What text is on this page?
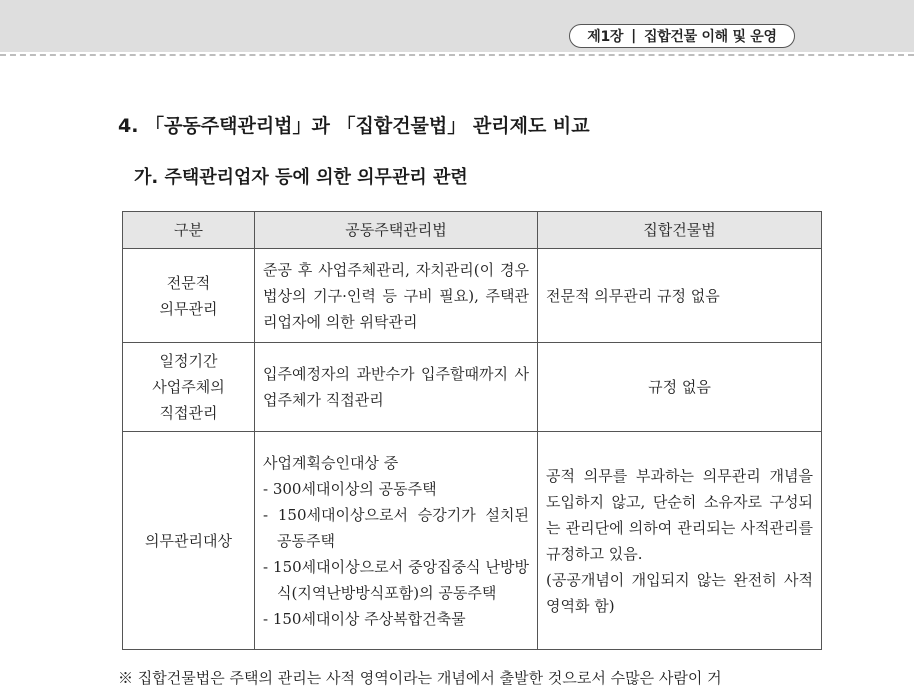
제1장 | 집합건물 이해 및 운영
4. 「공동주택관리법」과 「집합건물법」 관리제도 비교
가. 주택관리업자 등에 의한 의무관리 관련
구분	공동주택관리법	집합건물법

전문적
의무관리	준공 후 사업주체관리, 자치관리(이 경우 법상의 기구·인력 등 구비 필요), 주택관리업자에 의한 위탁관리	전문적 의무관리 규정 없음

일정기간
사업주체의
직접관리	입주예정자의 과반수가 입주할때까지 사업주체가 직접관리	규정 없음

의무관리대상	사업계획승인대상 중
- 300세대이상의 공동주택
- 150세대이상으로서 승강기가 설치된 공동주택
- 150세대이상으로서 중앙집중식 난방방식(지역난방방식포함)의 공동주택
- 150세대이상 주상복합건축물	공적 의무를 부과하는 의무관리 개념을 도입하지 않고, 단순히 소유자로 구성되는 관리단에 의하여 관리되는 사적관리를 규정하고 있음.
(공공개념이 개입되지 않는 완전히 사적 영역화 함)
※ 집합건물법은 주택의 관리는 사적 영역이라는 개념에서 출발한 것으로서 수많은 사람이 거
